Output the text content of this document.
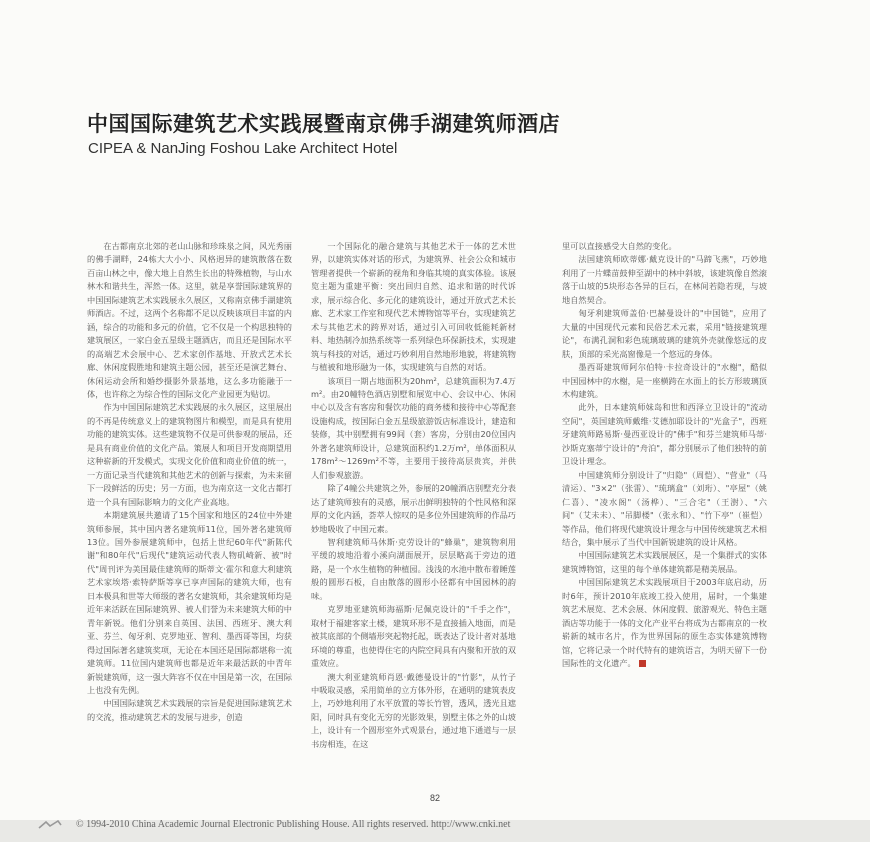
中国国际建筑艺术实践展暨南京佛手湖建筑师酒店
CIPEA & NanJing Foshou Lake Architect Hotel

在古都南京北郊的老山山脉和珍珠泉之间，风光秀丽的佛手湖畔，24栋大大小小、风格迥异的建筑散落在数百亩山林之中，像大地上自然生长出的特殊植物，与山水林木和谐共生，浑然一体。这里，就是享誉国际建筑界的中国国际建筑艺术实践展永久展区，又称南京佛手湖建筑师酒店。不过，这两个名称都不足以反映该项目丰富的内涵，综合的功能和多元的价值，它不仅是一个构思独特的建筑展区，一家白金五星级主题酒店，而且还是国际水平的高端艺术会展中心、艺术家创作基地、开放式艺术长廊、休闲度假胜地和建筑主题公园，甚至还是演艺舞台、休闲运动会所和婚纱摄影外景基地，这么多功能融于一体，也许称之为综合性的国际文化产业园更为贴切。

作为中国国际建筑艺术实践展的永久展区，这里展出的不再是传统意义上的建筑物图片和模型，而是具有使用功能的建筑实体。这些建筑物不仅是可供参观的展品，还是具有商业价值的文化产品。策展人和项目开发商期望用这种崭新的开发模式，实现文化价值和商业价值的统一，一方面记录当代建筑和其他艺术的创新与探索，为未来留下一段鲜活的历史；另一方面，也为南京这一文化古都打造一个具有国际影响力的文化产业高地。

本期建筑展共邀请了15个国家和地区的24位中外建筑师参展，其中国内著名建筑师11位，国外著名建筑师13位。国外参展建筑师中，包括上世纪60年代"新陈代谢"和80年代"后现代"建筑运动代表人物矶崎新、被"时代"周刊评为美国最佳建筑师的斯蒂文·霍尔和意大利建筑艺术家埃塔·索特萨斯等享已享声国际的建筑大师，也有日本极具和世等大师级的著名女建筑师，其余建筑师均是近年来活跃在国际建筑界、被人们誉为未来建筑大师的中青年新锐。他们分别来自英国、法国、西班牙、澳大利亚、芬兰、匈牙利、克罗地亚、智利、墨西哥等国，均获得过国际著名建筑奖项，无论在本国还是国际都堪称一流建筑师。11位国内建筑师也都是近年来最活跃的中青年新锐建筑师，这一强大阵容不仅在中国是第一次，在国际上也没有先例。

中国国际建筑艺术实践展的宗旨是促进国际建筑艺术的交流，推动建筑艺术的发展与进步，创造

一个国际化的融合建筑与其他艺术于一体的艺术世界，以建筑实体对话的形式，为建筑界、社会公众和城市管理者提供一个崭新的视角和身临其境的真实体验。该展览主题为重建平衡：突出回归自然、追求和谐的时代诉求，展示综合化、多元化的建筑设计，通过开放式艺术长廊、艺术家工作室和现代艺术博物馆等平台，实现建筑艺术与其他艺术的跨界对话，通过引入可回收低能耗新材料、地热制冷加热系统等一系列绿色环保新技术，实现建筑与科技的对话，通过巧妙利用自然地形地貌，将建筑物与植被和地形融为一体，实现建筑与自然的对话。

该项目一期占地面积为20hm²，总建筑面积为7.4万m²。由20幢特色酒店别墅和展览中心、会议中心、休闲中心以及含有客房和餐饮功能的商务楼和接待中心等配套设施构成，按国际白金五星级旅游饭店标准设计，建造和装修，其中别墅拥有99间（套）客房，分别由20位国内外著名建筑师设计，总建筑面积约1.2万m²，单体面积从178m²～1269m²不等，主要用于接待高层贵宾，并供人们参观旅游。

除了4幢公共建筑之外，参展的20幢酒店别墅充分表达了建筑师独有的灵感，展示出鲜明独特的个性风格和深厚的文化内涵，荟萃人惊叹的是多位外国建筑师的作品巧妙地吸收了中国元素。

智利建筑师马休斯·克劳设计的"蜂巢"，建筑物利用平缓的坡地沿着小溪向湖面展开，层层略高于旁边的道路，是一个水生植物的种植园。浅浅的水池中散布着睡莲般的圆形石板，自由散落的圆形小径都有中国园林的韵味。

克罗地亚建筑师海福斯·尼佩克设计的"千手之作"，取材于福建客家土楼，建筑环形不是直接插入地面，而是被其底部的个侧墙形突起物托起，既表达了设计者对基地环境的尊重，也使得住宅的内院空间具有内聚和开放的双重效应。

澳大利亚建筑师肖恩·戴德曼设计的"竹影"，从竹子中吸取灵感，采用简单的立方体外形，在通明的建筑表皮上，巧妙地利用了水平放置的等长竹管，透风，透光且遮阳，同时具有变化无穷的光影效果，别墅主体之外的山坡上，设计有一个圆形室外式观景台，通过地下通道与一层书房相连，在这

里可以直接感受大自然的变化。

法国建筑师欧蒂娜·戴克设计的"马蹄飞燕"，巧妙地利用了一片蝶苗鼓伸至湖中的林中斜坡，该建筑像自然滚落于山坡的5块形态各异的巨石，在林间若隐若现，与坡地自然契合。

匈牙利建筑师盖伯·巴赫曼设计的"中国链"，应用了大量的中国现代元素和民俗艺术元素，采用"链接建筑理论"，布满孔洞和彩色琉璃玻璃的建筑外壳就像悠远的皮肤，顶部的采光高窗像是一个悠远的身体。

墨西哥建筑师阿尔伯特·卡拉奇设计的"水榭"，酷似中国园林中的水榭，是一座横跨在水面上的长方形玻璃顶木构建筑。

此外，日本建筑师妹岛和世和西泽立卫设计的"流动空间"，英国建筑师戴维·艾德加耶设计的"光盒子"，西班牙建筑师路易斯·曼西亚设计的"佛手"和芬兰建筑师马蒂·沙斯克塞蒂宁设计的"舟泊"，都分别展示了他们独特的前卫设计理念。

中国建筑师分别设计了"归隐"（周恺）、"营业"（马清运）、"3×2"（张雷）、"琉璃盒"（刘珩）、"亭屋"（姚仁喜）、"凌水阁"（汤桦）、"三合宅"（王澍）、"六间"（艾未未）、"吊脚楼"（张永和）、"竹下亭"（崔恺）等作品，他们将现代建筑设计理念与中国传统建筑艺术相结合，集中展示了当代中国新锐建筑的设计风格。

中国国际建筑艺术实践展展区，是一个集群式的实体建筑博物馆，这里的每个单体建筑都是精美展品。

中国国际建筑艺术实践展项目于2003年底启动，历时6年，预计2010年底竣工投入使用，届时，一个集建筑艺术展览、艺术会展、休闲度假、旅游观光、特色主题酒店等功能于一体的文化产业平台将成为古都南京的一枚崭新的城市名片，作为世界国际的原生态实体建筑博物馆，它将记录一个时代特有的建筑语言，为明天留下一份国际性的文化遗产。

82
© 1994-2010 China Academic Journal Electronic Publishing House. All rights reserved. http://www.cnki.net
